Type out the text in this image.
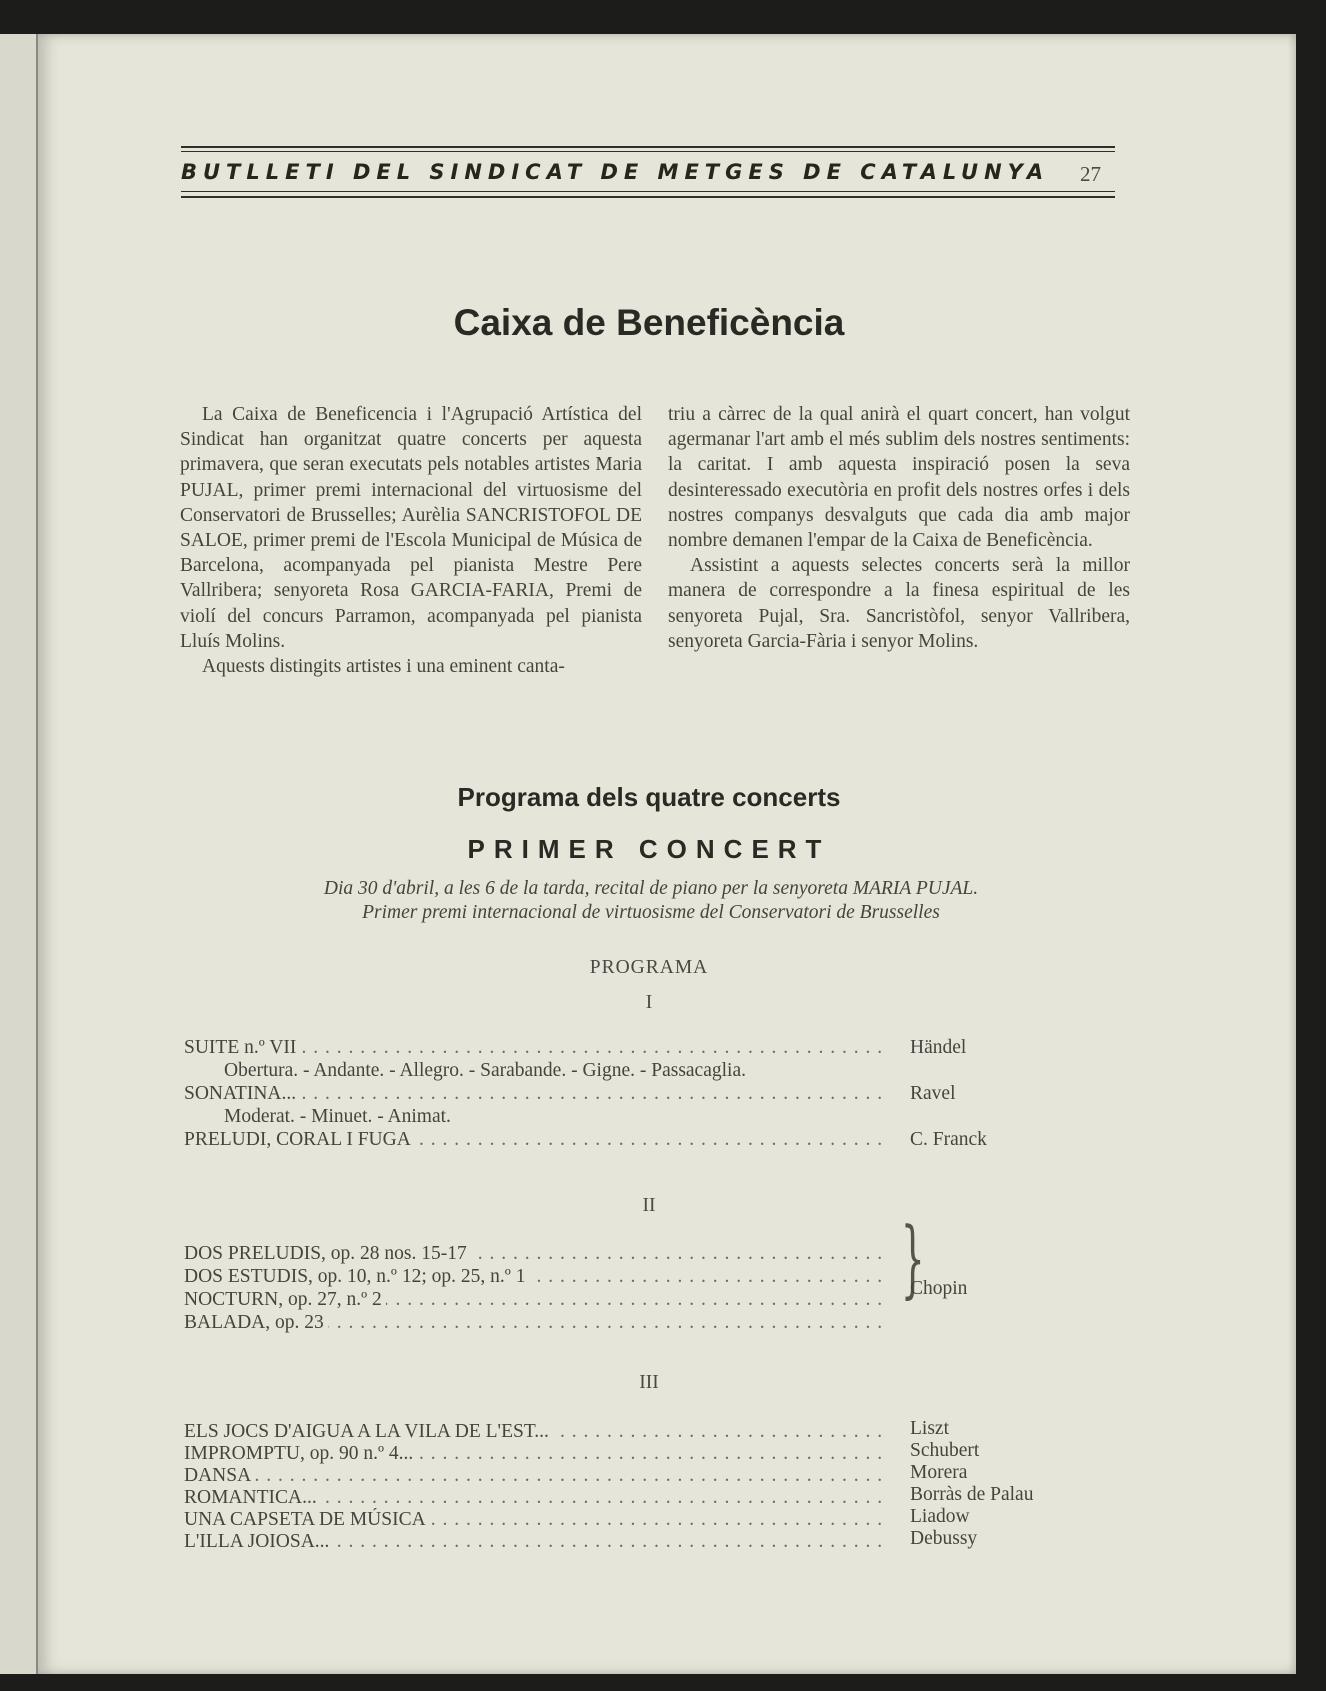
BUTLLETI DEL SINDICAT DE METGES DE CATALUNYA	27
Caixa de Beneficència

La Caixa de Beneficencia i l'Agrupació Artística del Sindicat han organitzat quatre concerts per aquesta primavera, que seran executats pels notables artistes Maria PUJAL, primer premi internacional del virtuosisme del Conservatori de Brusselles; Aurèlia SANCRISTOFOL DE SALOE, primer premi de l'Escola Municipal de Música de Barcelona, acompanyada pel pianista Mestre Pere Vallribera; senyoreta Rosa GARCIA-FARIA, Premi de violí del concurs Parramon, acompanyada pel pianista Lluís Molins.

Aquests distingits artistes i una eminent canta-

triu a càrrec de la qual anirà el quart concert, han volgut agermanar l'art amb el més sublim dels nostres sentiments: la caritat. I amb aquesta inspiració posen la seva desinteressado executòria en profit dels nostres orfes i dels nostres companys desvalguts que cada dia amb major nombre demanen l'empar de la Caixa de Beneficència.

Assistint a aquests selectes concerts serà la millor manera de correspondre a la finesa espiritual de les senyoreta Pujal, Sra. Sancristòfol, senyor Vallribera, senyoreta Garcia-Fària i senyor Molins.

Programa dels quatre concerts
PRIMER CONCERT
Dia 30 d'abril, a les 6 de la tarda, recital de piano per la senyoreta MARIA PUJAL. Primer premi internacional de virtuosisme del Conservatori de Brusselles
PROGRAMA
I
SUITE n.º VII . . .	Händel
Obertura. - Andante. - Allegro. - Sarabande. - Gigne. - Passacaglia.
SONATINA... . . .	Ravel
Moderat. - Minuet. - Animat.
PRELUDI, CORAL I FUGA . . .	C. Franck
II
DOS PRELUDIS, op. 28 nos. 15-17 . . .
DOS ESTUDIS, op. 10, n.º 12; op. 25, n.º 1 . . .
NOCTURN, op. 27, n.º 2 . . .
BALADA, op. 23 . . .
}
Chopin
III
ELS JOCS D'AIGUA A LA VILA DE L'EST... . . .	Liszt
IMPROMPTU, op. 90 n.º 4... . . .	Schubert
DANSA . . .	Morera
ROMANTICA... . . .	Borràs de Palau
UNA CAPSETA DE MÚSICA . . .	Liadow
L'ILLA JOIOSA... . . .	Debussy
